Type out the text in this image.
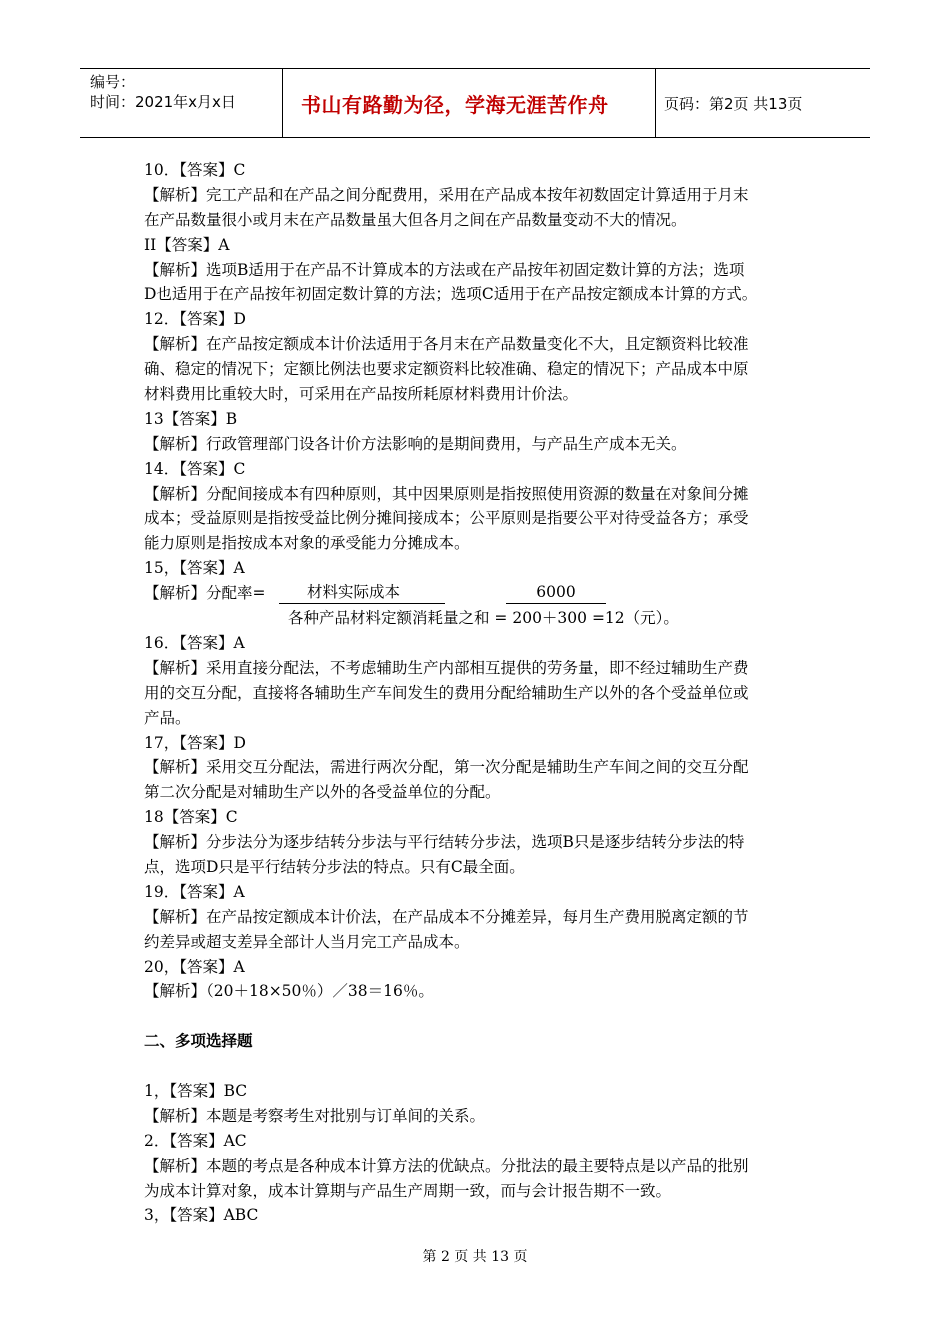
编号：
时间：2021年x月x日	书山有路勤为径，学海无涯苦作舟	页码：第2页 共13页
10．【答案】C
【解析】完工产品和在产品之间分配费用，采用在产品成本按年初数固定计算适用于月末
在产品数量很小或月末在产品数量虽大但各月之间在产品数量变动不大的情况。
II【答案】A
【解析】选项B适用于在产品不计算成本的方法或在产品按年初固定数计算的方法；选项
D也适用于在产品按年初固定数计算的方法；选项C适用于在产品按定额成本计算的方式。
12．【答案】D
【解析】在产品按定额成本计价法适用于各月末在产品数量变化不大，且定额资料比较准
确、稳定的情况下；定额比例法也要求定额资料比较准确、稳定的情况下；产品成本中原
材料费用比重较大时，可采用在产品按所耗原材料费用计价法。
13【答案】B
【解析】行政管理部门设各计价方法影响的是期间费用，与产品生产成本无关。
14．【答案】C
【解析】分配间接成本有四种原则，其中因果原则是指按照使用资源的数量在对象间分摊
成本；受益原则是指按受益比例分摊间接成本；公平原则是指要公平对待受益各方；承受
能力原则是指按成本对象的承受能力分摊成本。
15，【答案】A
【解析】分配率=	材料实际成本	6000
各种产品材料定额消耗量之和 = 200＋300 =12（元）。
16．【答案】A
【解析】采用直接分配法，不考虑辅助生产内部相互提供的劳务量，即不经过辅助生产费
用的交互分配，直接将各辅助生产车间发生的费用分配给辅助生产以外的各个受益单位或
产品。
17，【答案】D
【解析】采用交互分配法，需进行两次分配，第一次分配是辅助生产车间之间的交互分配
第二次分配是对辅助生产以外的各受益单位的分配。
18【答案】C
【解析】分步法分为逐步结转分步法与平行结转分步法，选项B只是逐步结转分步法的特
点，选项D只是平行结转分步法的特点。只有C最全面。
19．【答案】A
【解析】在产品按定额成本计价法，在产品成本不分摊差异，每月生产费用脱离定额的节
约差异或超支差异全部计人当月完工产品成本。
20，【答案】A
【解析】（20＋18×50％）／38＝16％。
二、多项选择题
1，【答案】BC
【解析】本题是考察考生对批别与订单间的关系。
2．【答案】AC
【解析】本题的考点是各种成本计算方法的优缺点。分批法的最主要特点是以产品的批别
为成本计算对象，成本计算期与产品生产周期一致，而与会计报告期不一致。
3，【答案】ABC
第 2 页 共 13 页
